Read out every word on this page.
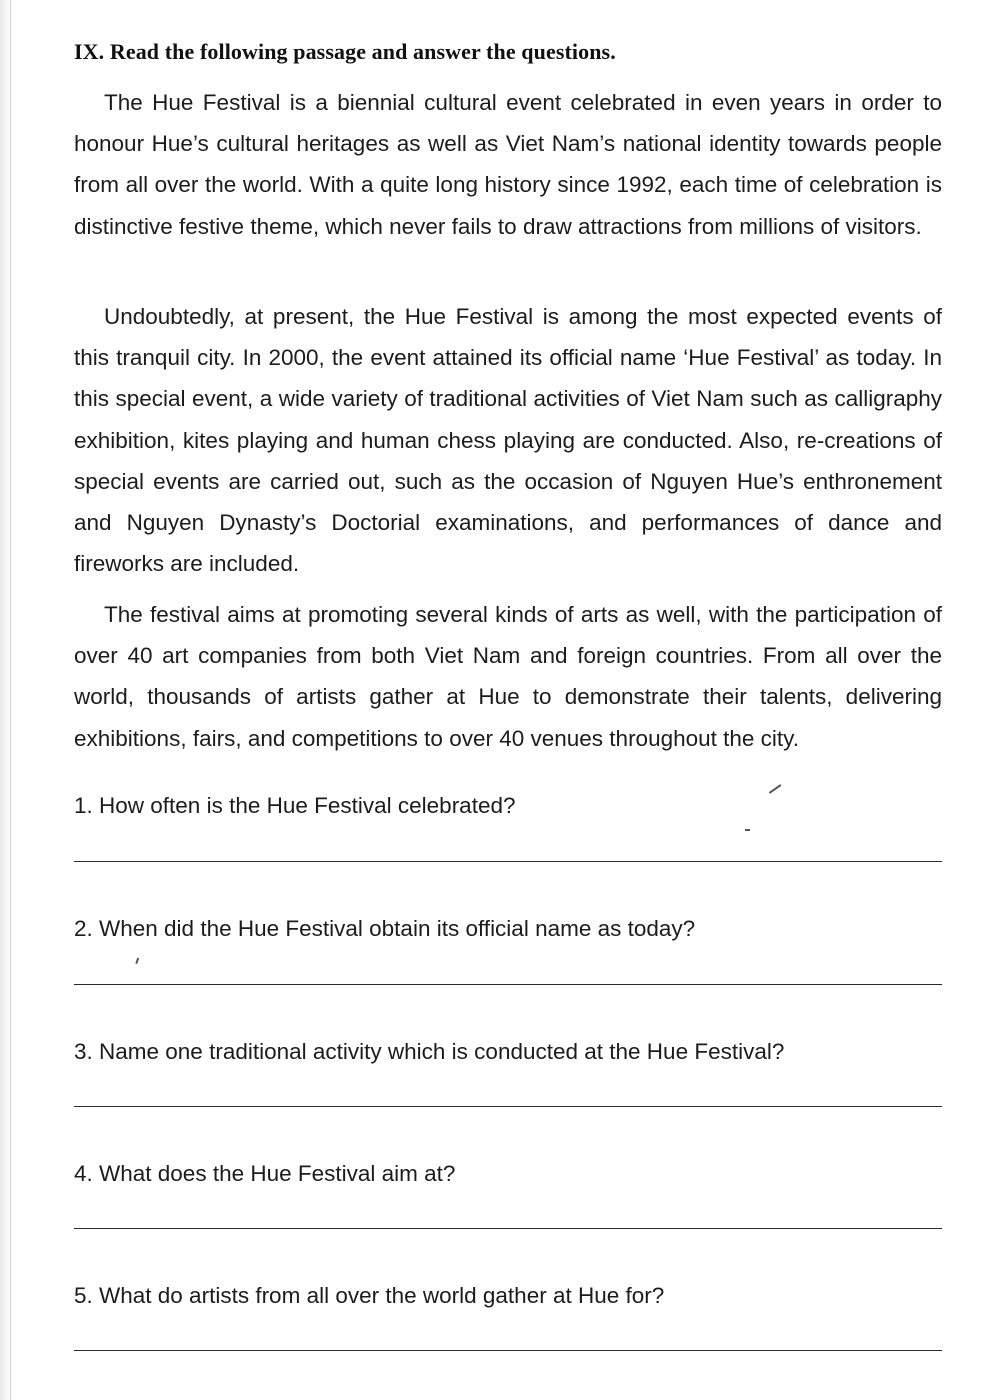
IX. Read the following passage and answer the questions.

The Hue Festival is a biennial cultural event celebrated in even years in order to honour Hue’s cultural heritages as well as Viet Nam’s national identity towards people from all over the world. With a quite long history since 1992, each time of celebration is distinctive festive theme, which never fails to draw attractions from millions of visitors.

Undoubtedly, at present, the Hue Festival is among the most expected events of this tranquil city. In 2000, the event attained its official name ‘Hue Festival’ as today. In this special event, a wide variety of traditional activities of Viet Nam such as calligraphy exhibition, kites playing and human chess playing are conducted. Also, re-creations of special events are carried out, such as the occasion of Nguyen Hue’s enthronement and Nguyen Dynasty’s Doctorial examinations, and performances of dance and fireworks are included.

The festival aims at promoting several kinds of arts as well, with the participation of over 40 art companies from both Viet Nam and foreign countries. From all over the world, thousands of artists gather at Hue to demonstrate their talents, delivering exhibitions, fairs, and competitions to over 40 venues throughout the city.

1. How often is the Hue Festival celebrated?

2. When did the Hue Festival obtain its official name as today?

3. Name one traditional activity which is conducted at the Hue Festival?

4. What does the Hue Festival aim at?

5. What do artists from all over the world gather at Hue for?
